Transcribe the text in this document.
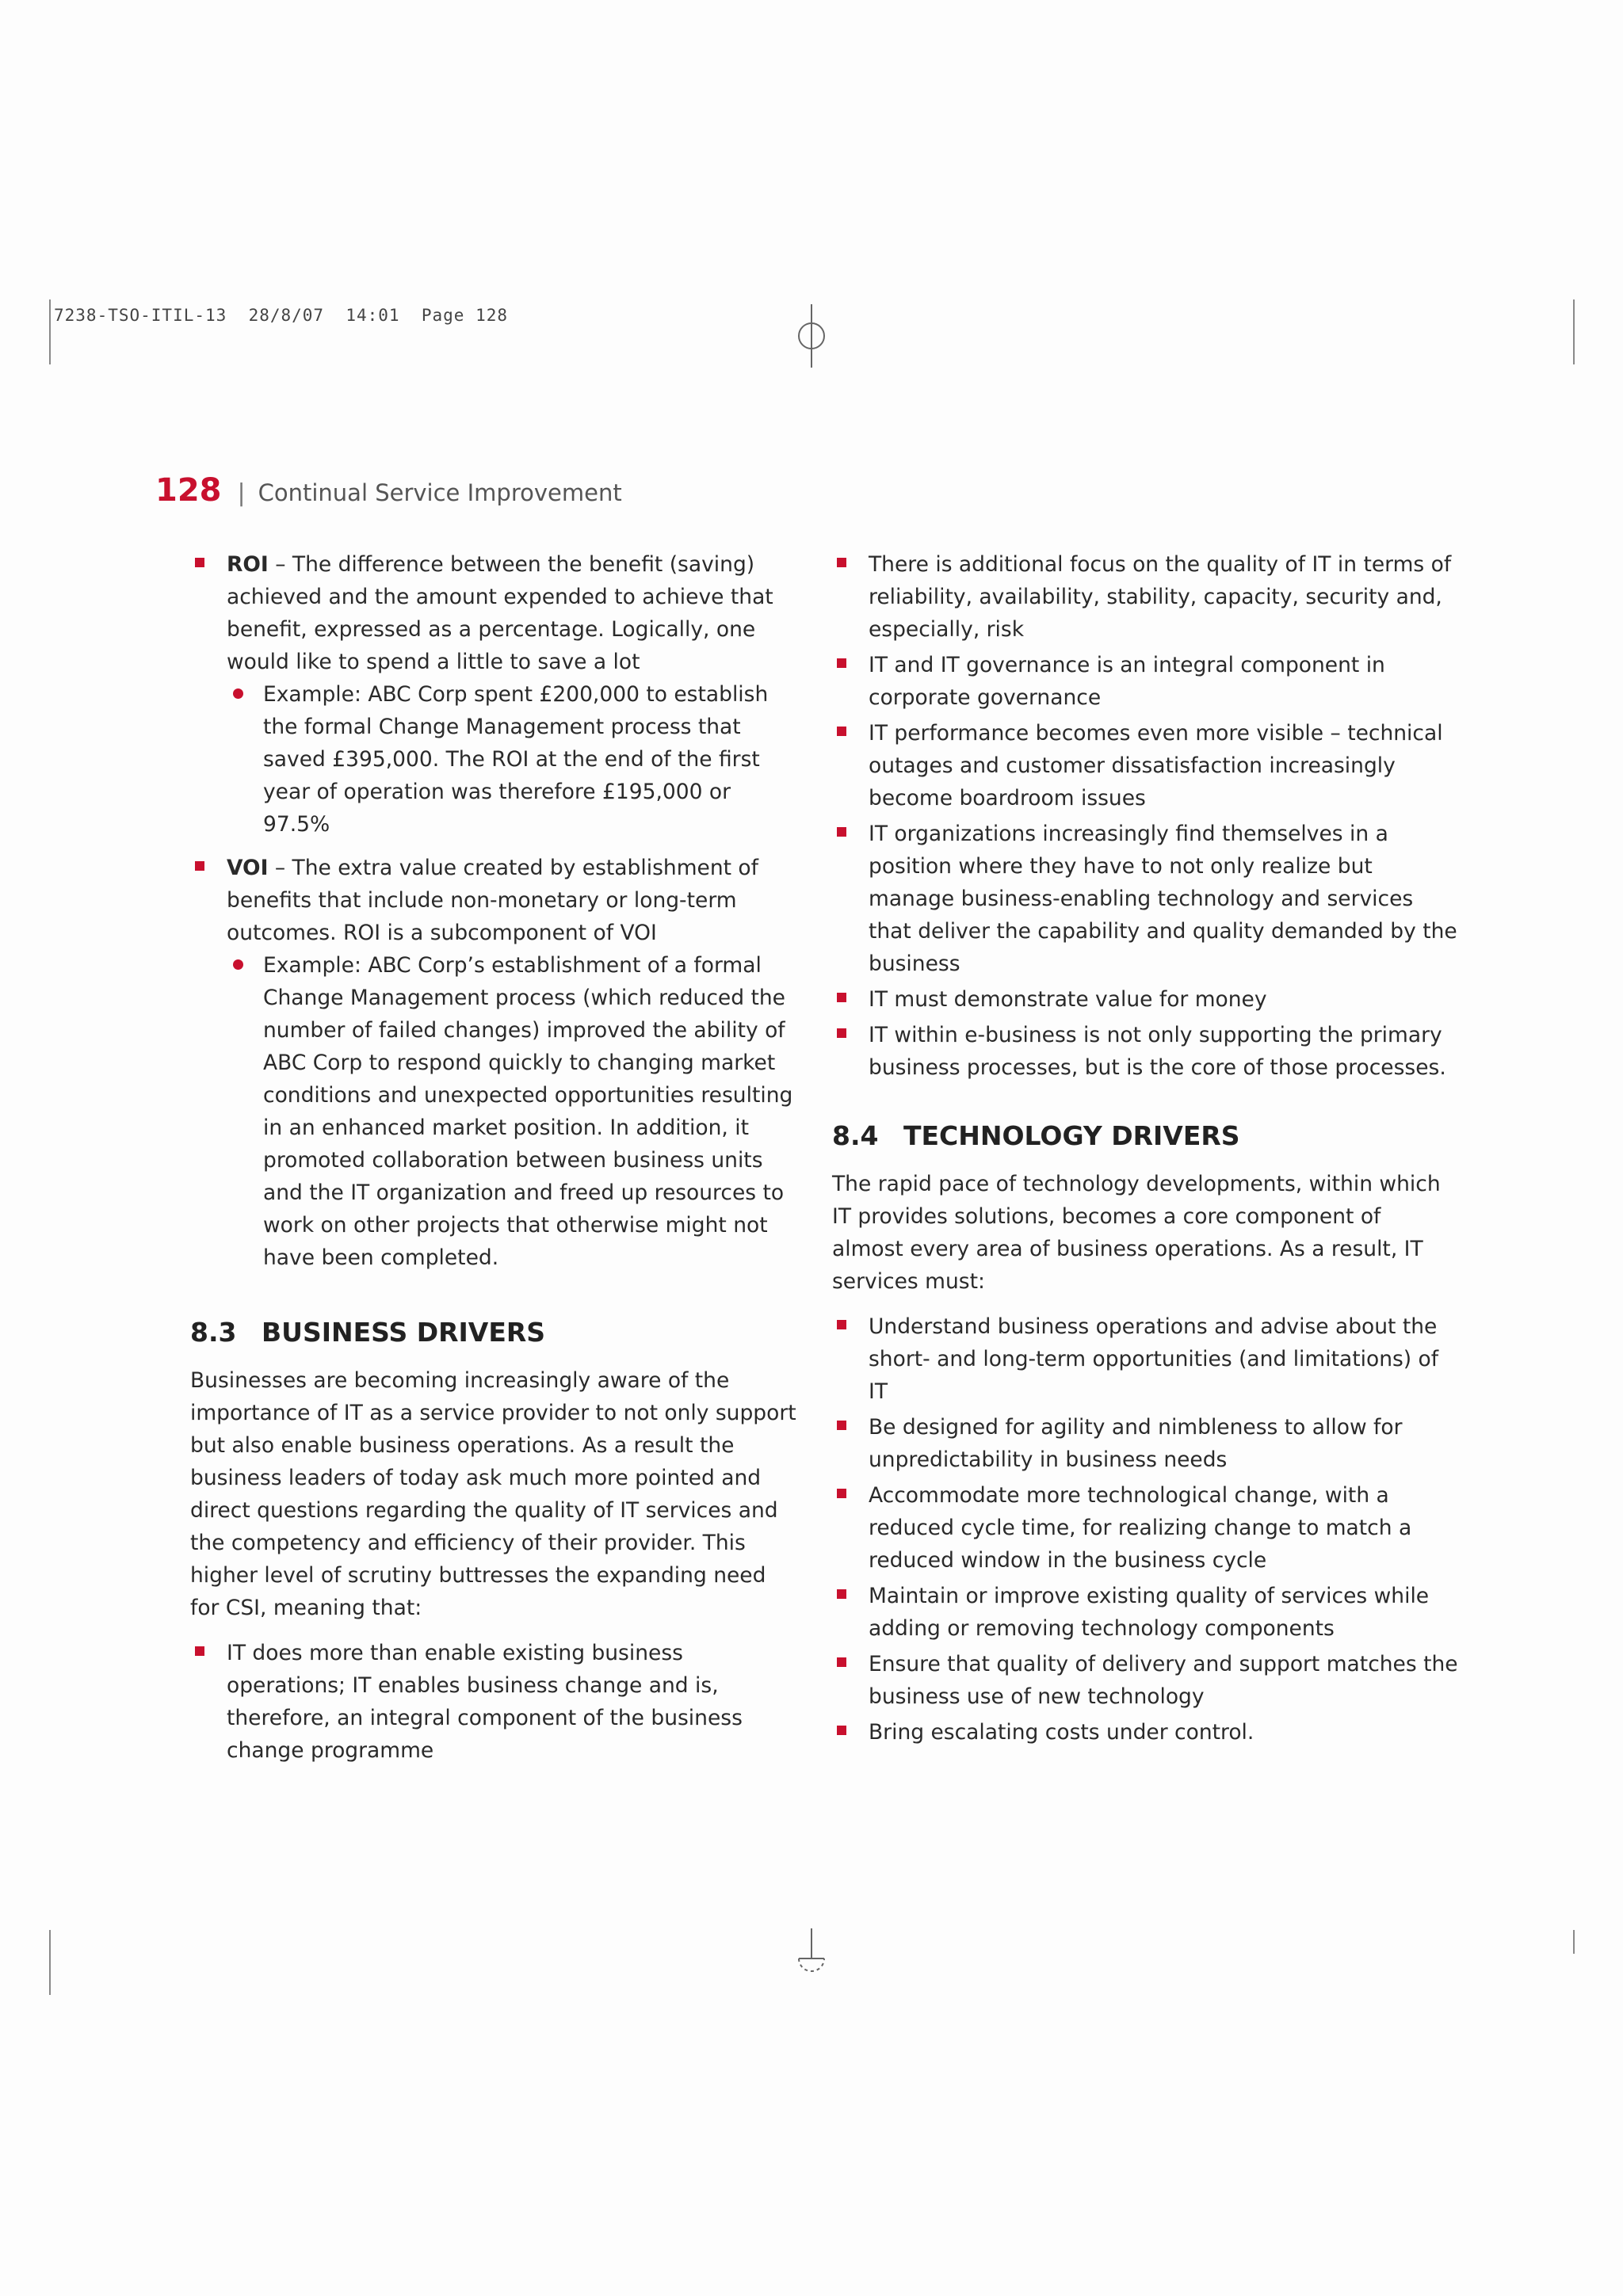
7238-TSO-ITIL-13  28/8/07  14:01  Page 128
128 | Continual Service Improvement
ROI – The difference between the benefit (saving) achieved and the amount expended to achieve that benefit, expressed as a percentage. Logically, one would like to spend a little to save a lot
Example: ABC Corp spent £200,000 to establish the formal Change Management process that saved £395,000. The ROI at the end of the first year of operation was therefore £195,000 or 97.5%
VOI – The extra value created by establishment of benefits that include non-monetary or long-term outcomes. ROI is a subcomponent of VOI
Example: ABC Corp’s establishment of a formal Change Management process (which reduced the number of failed changes) improved the ability of ABC Corp to respond quickly to changing market conditions and unexpected opportunities resulting in an enhanced market position. In addition, it promoted collaboration between business units and the IT organization and freed up resources to work on other projects that otherwise might not have been completed.
8.3 BUSINESS DRIVERS

Businesses are becoming increasingly aware of the importance of IT as a service provider to not only support but also enable business operations. As a result the business leaders of today ask much more pointed and direct questions regarding the quality of IT services and the competency and efficiency of their provider. This higher level of scrutiny buttresses the expanding need for CSI, meaning that:

IT does more than enable existing business operations; IT enables business change and is, therefore, an integral component of the business change programme
There is additional focus on the quality of IT in terms of reliability, availability, stability, capacity, security and, especially, risk
IT and IT governance is an integral component in corporate governance
IT performance becomes even more visible – technical outages and customer dissatisfaction increasingly become boardroom issues
IT organizations increasingly find themselves in a position where they have to not only realize but manage business-enabling technology and services that deliver the capability and quality demanded by the business
IT must demonstrate value for money
IT within e-business is not only supporting the primary business processes, but is the core of those processes.
8.4 TECHNOLOGY DRIVERS

The rapid pace of technology developments, within which IT provides solutions, becomes a core component of almost every area of business operations. As a result, IT services must:

Understand business operations and advise about the short- and long-term opportunities (and limitations) of IT
Be designed for agility and nimbleness to allow for unpredictability in business needs
Accommodate more technological change, with a reduced cycle time, for realizing change to match a reduced window in the business cycle
Maintain or improve existing quality of services while adding or removing technology components
Ensure that quality of delivery and support matches the business use of new technology
Bring escalating costs under control.
